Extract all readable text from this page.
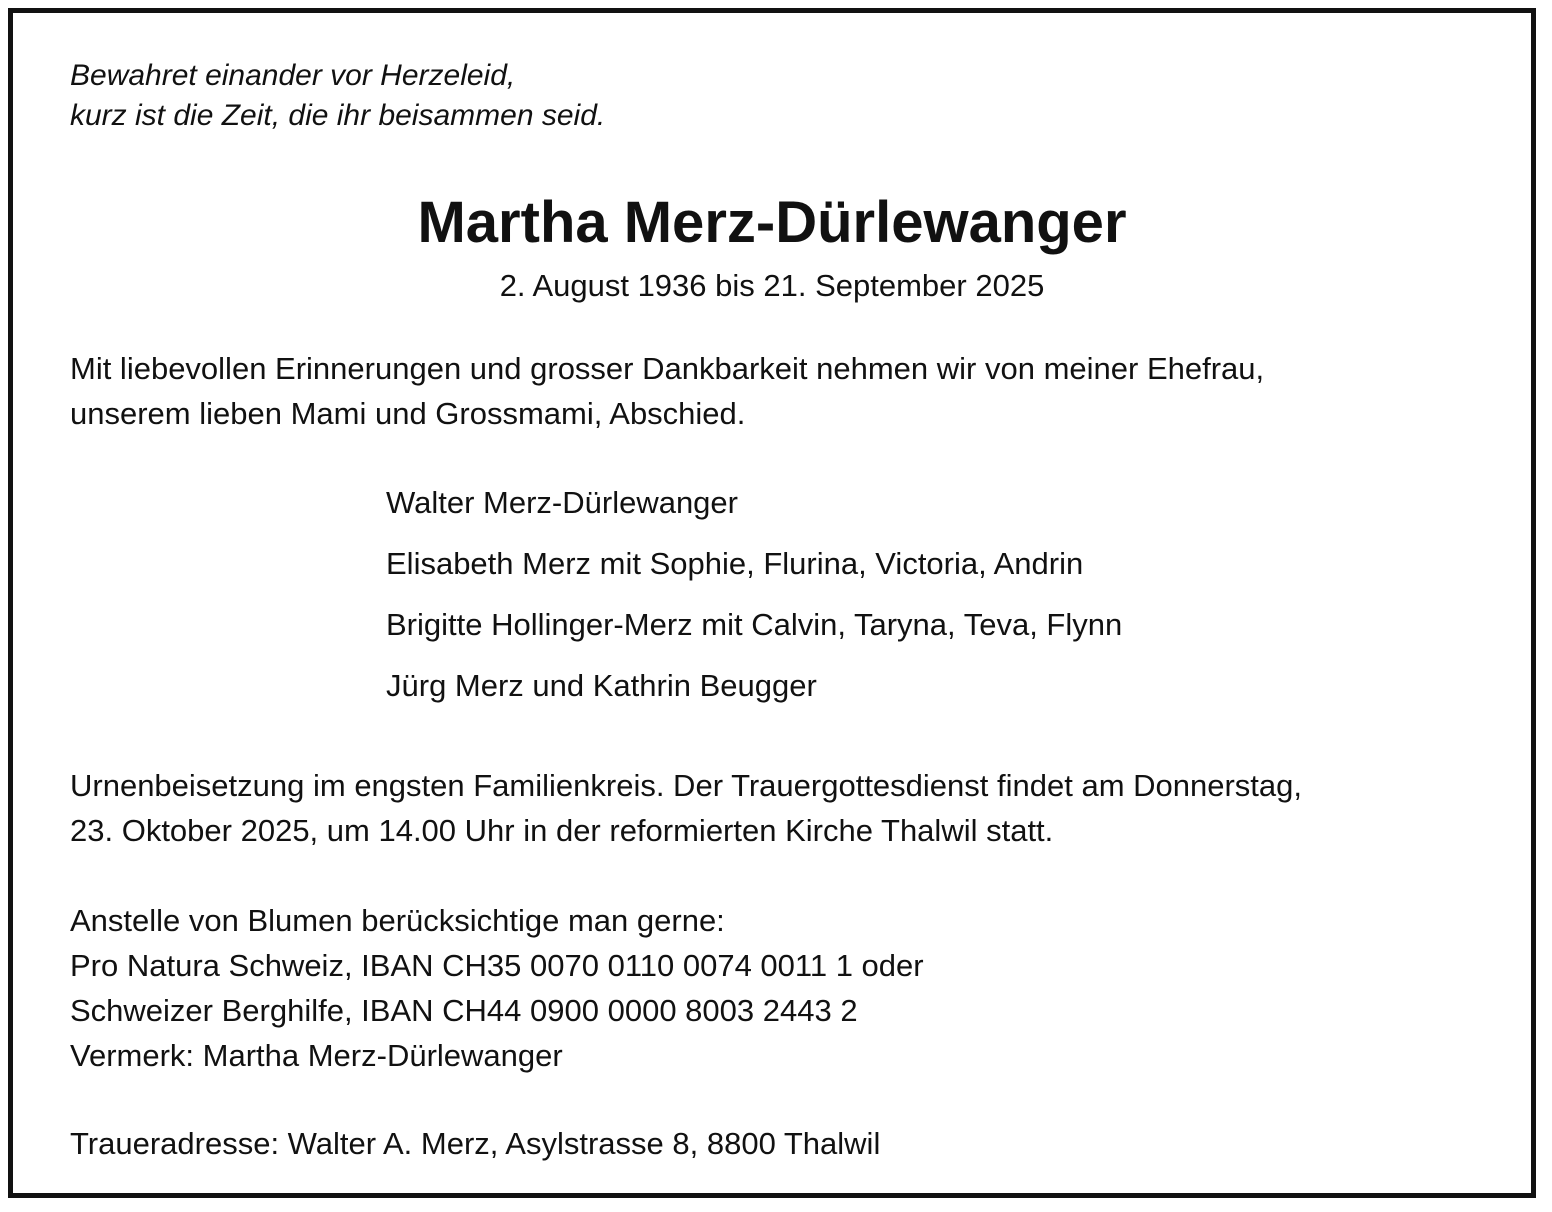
Bewahret einander vor Herzeleid,
kurz ist die Zeit, die ihr beisammen seid.

Martha Merz-Dürlewanger

2. August 1936 bis 21. September 2025

Mit liebevollen Erinnerungen und grosser Dankbarkeit nehmen wir von meiner Ehefrau,
unserem lieben Mami und Grossmami, Abschied.

Walter Merz-Dürlewanger
Elisabeth Merz mit Sophie, Flurina, Victoria, Andrin
Brigitte Hollinger-Merz mit Calvin, Taryna, Teva, Flynn
Jürg Merz und Kathrin Beugger

Urnenbeisetzung im engsten Familienkreis. Der Trauergottesdienst findet am Donnerstag,
23. Oktober 2025, um 14.00 Uhr in der reformierten Kirche Thalwil statt.

Anstelle von Blumen berücksichtige man gerne:
Pro Natura Schweiz, IBAN CH35 0070 0110 0074 0011 1 oder
Schweizer Berghilfe, IBAN CH44 0900 0000 8003 2443 2
Vermerk: Martha Merz-Dürlewanger

Traueradresse: Walter A. Merz, Asylstrasse 8, 8800 Thalwil
